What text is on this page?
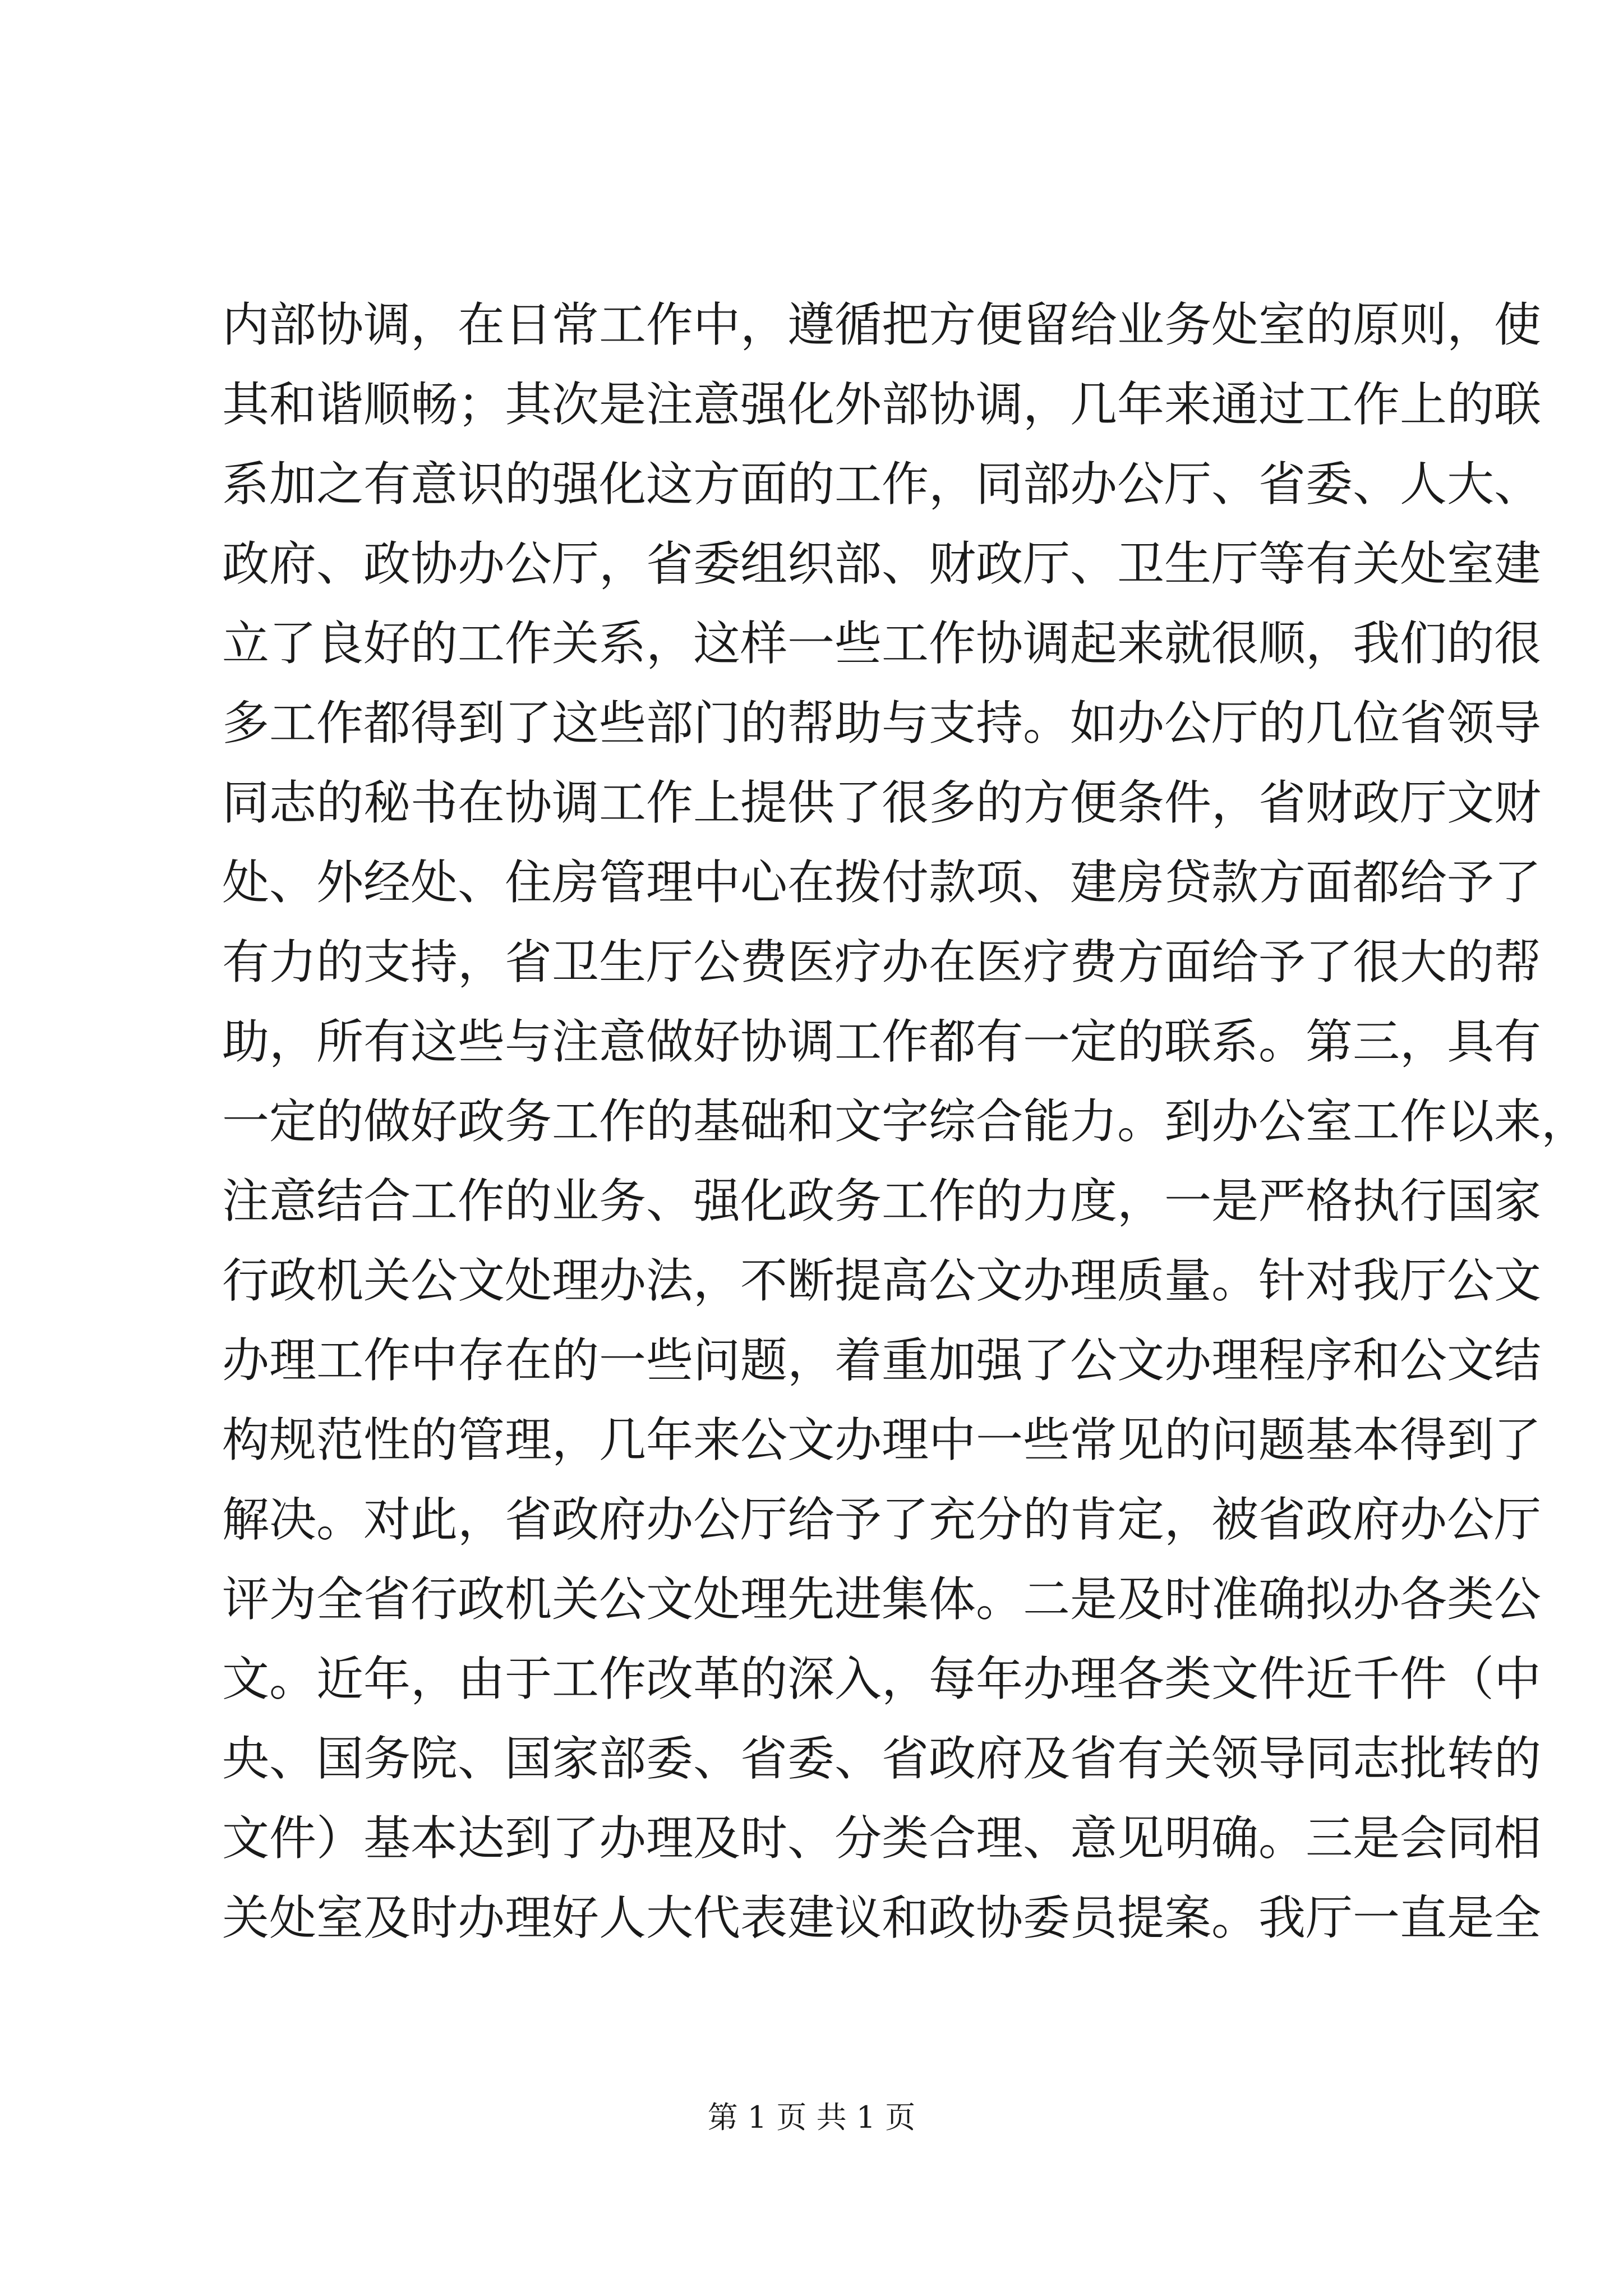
内部协调，在日常工作中，遵循把方便留给业务处室的原则，使
其和谐顺畅；其次是注意强化外部协调，几年来通过工作上的联
系加之有意识的强化这方面的工作，同部办公厅、省委、人大、
政府、政协办公厅，省委组织部、财政厅、卫生厅等有关处室建
立了良好的工作关系，这样一些工作协调起来就很顺，我们的很
多工作都得到了这些部门的帮助与支持。如办公厅的几位省领导
同志的秘书在协调工作上提供了很多的方便条件，省财政厅文财
处、外经处、住房管理中心在拨付款项、建房贷款方面都给予了
有力的支持，省卫生厅公费医疗办在医疗费方面给予了很大的帮
助，所有这些与注意做好协调工作都有一定的联系。第三，具有
一定的做好政务工作的基础和文字综合能力。到办公室工作以来，
注意结合工作的业务、强化政务工作的力度，一是严格执行国家
行政机关公文处理办法，不断提高公文办理质量。针对我厅公文
办理工作中存在的一些问题，着重加强了公文办理程序和公文结
构规范性的管理，几年来公文办理中一些常见的问题基本得到了
解决。对此，省政府办公厅给予了充分的肯定，被省政府办公厅
评为全省行政机关公文处理先进集体。二是及时准确拟办各类公
文。近年，由于工作改革的深入，每年办理各类文件近千件（中
央、国务院、国家部委、省委、省政府及省有关领导同志批转的
文件）基本达到了办理及时、分类合理、意见明确。三是会同相
关处室及时办理好人大代表建议和政协委员提案。我厅一直是全
第 1 页 共 1 页
